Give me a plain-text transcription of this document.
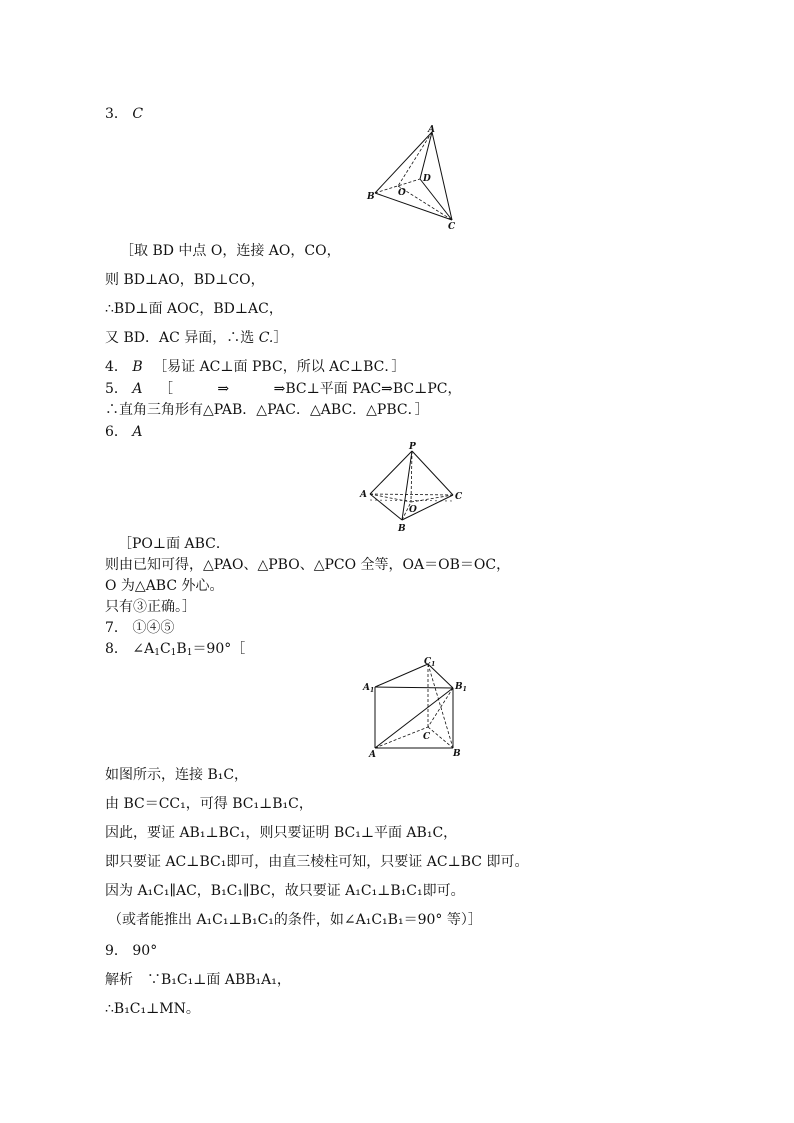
3． C
A
B
C
D
O
［取 BD 中点 O，连接 AO，CO，
则 BD⊥AO，BD⊥CO，
∴BD⊥面 AOC，BD⊥AC，
又 BD．AC 异面，∴选 C.］
4． B ［易证 AC⊥面 PBC，所以 AC⊥BC．］
5． A ［	⇒	⇒BC⊥平面 PAC⇒BC⊥PC，
∴直角三角形有△PAB．△PAC．△ABC．△PBC．］
6． A
P
A
B
C
O
［PO⊥面 ABC．
则由已知可得，△PAO、△PBO、△PCO 全等，OA＝OB＝OC，
O 为△ABC 外心。
只有③正确。］
7． ①④⑤
8． $\angle A_1C_1B_1=90^\circ[$
$C_1$
$A_1$	$B_1$
A	B
C
如图所示，连接 B₁C，
由 BC＝CC₁，可得 BC₁⊥B₁C，
因此，要证 AB₁⊥BC₁，则只要证明 BC₁⊥平面 AB₁C，
即只要证 AC⊥BC₁即可，由直三棱柱可知，只要证 AC⊥BC 即可。
因为 A₁C₁∥AC，B₁C₁∥BC，故只要证 A₁C₁⊥B₁C₁即可。
（或者能推出 A₁C₁⊥B₁C₁的条件，如∠A₁C₁B₁＝90° 等）］
9． 90°
解析　∵B₁C₁⊥面 ABB₁A₁，
∴B₁C₁⊥MN。
